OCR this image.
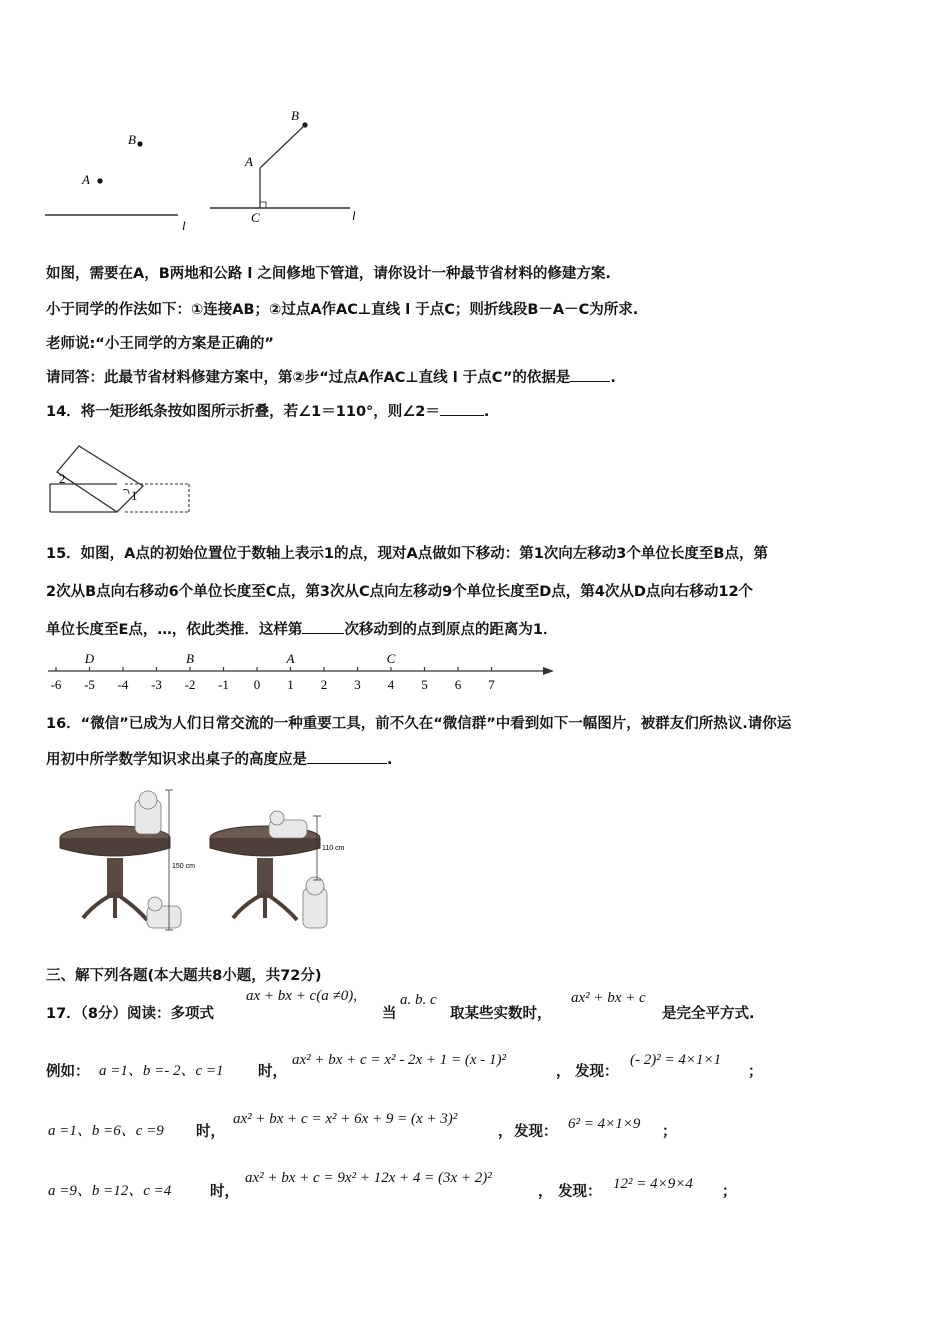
B
A
l
B
A
C	l
如图，需要在A，B两地和公路 l 之间修地下管道，请你设计一种最节省材料的修建方案.
小于同学的作法如下：①连接AB；②过点A作AC⊥直线 l 于点C；则折线段B－A－C为所求.
老师说:“小王同学的方案是正确的”
请同答：此最节省材料修建方案中，第②步“过点A作AC⊥直线 l 于点C”的依据是	.
14．将一矩形纸条按如图所示折叠，若∠1＝110°，则∠2＝	.
2
1
15．如图，A点的初始位置位于数轴上表示1的点，现对A点做如下移动：第1次向左移动3个单位长度至B点，第
2次从B点向右移动6个单位长度至C点，第3次从C点向左移动9个单位长度至D点，第4次从D点向右移动12个
单位长度至E点，…，依此类推．这样第	次移动到的点到原点的距离为1．
-6 -5 -4 -3 -2 -1 0 1 2 3 4 5 6 7
D	B	A	C
16．“微信”已成为人们日常交流的一种重要工具，前不久在“微信群”中看到如下一幅图片，被群友们所热议.请你运
用初中所学数学知识求出桌子的高度应是	.
150 cm
110 cm
三、解下列各题(本大题共8小题，共72分)
17．（8分）阅读：多项式
ax + bx + c(a ≠0),
当
a. b. c
取某些实数时，
ax² + bx + c
是完全平方式.
例如： a =1、b =- 2、c =1 时，
ax² + bx + c = x² - 2x + 1 = (x - 1)²
， 发现：
(- 2)² = 4×1×1
；
a =1、b =6、c =9 时，
ax² + bx + c = x² + 6x + 9 = (x + 3)²
， 发现： 6² = 4×1×9 ；
a =9、b =12、c =4	时，
ax² + bx + c = 9x² + 12x + 4 = (3x + 2)²
， 发现： 12² = 4×9×4 ；
